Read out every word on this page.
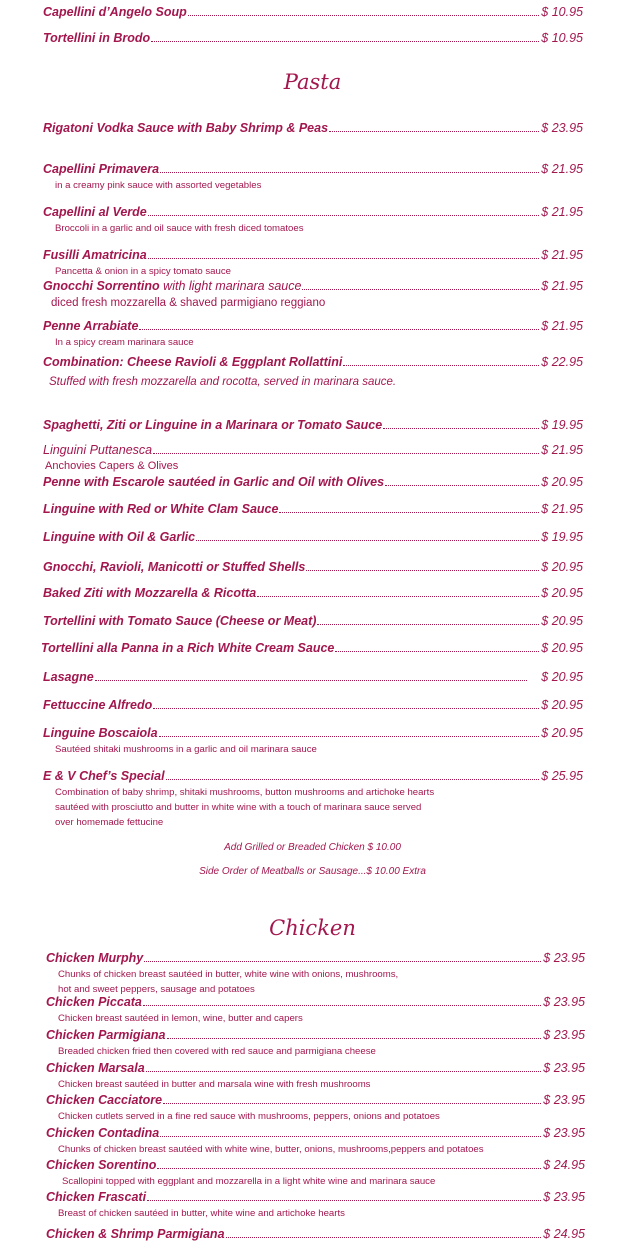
Capellini d’Angelo Soup	$ 10.95
Tortellini in Brodo	$ 10.95
Pasta
Rigatoni Vodka Sauce with Baby Shrimp & Peas	$ 23.95
Capellini Primavera	$ 21.95
in a creamy pink sauce with assorted vegetables
Capellini al Verde	$ 21.95
Broccoli in a garlic and oil sauce with fresh diced tomatoes
Fusilli Amatricina	$ 21.95
Pancetta & onion in a spicy tomato sauce
Gnocchi Sorrentino with light marinara sauce	$ 21.95
diced fresh mozzarella & shaved parmigiano reggiano
Penne Arrabiate	$ 21.95
In a spicy cream marinara sauce
Combination: Cheese Ravioli & Eggplant Rollattini	$ 22.95
Stuffed with fresh mozzarella and rocotta, served in marinara sauce.
Spaghetti, Ziti or Linguine in a Marinara or Tomato Sauce	$ 19.95
Linguini Puttanesca	$ 21.95
Anchovies Capers & Olives
Penne with Escarole sautéed in Garlic and Oil with Olives	$ 20.95
Linguine with Red or White Clam Sauce	$ 21.95
Linguine with Oil & Garlic	$ 19.95
Gnocchi, Ravioli, Manicotti or Stuffed Shells	$ 20.95
Baked Ziti with Mozzarella & Ricotta	$ 20.95
Tortellini with Tomato Sauce (Cheese or Meat)	$ 20.95
Tortellini alla Panna in a Rich White Cream Sauce	$ 20.95
Lasagne	$ 20.95
Fettuccine Alfredo	$ 20.95
Linguine Boscaiola	$ 20.95
Sautéed shitaki mushrooms in a garlic and oil marinara sauce
E & V Chef’s Special	$ 25.95
Combination of baby shrimp, shitaki mushrooms, button mushrooms and artichoke hearts
sautéed with prosciutto and butter in white wine with a touch of marinara sauce served
over homemade fettucine
Add Grilled or Breaded Chicken $ 10.00
Side Order of Meatballs or Sausage...$ 10.00 Extra
Chicken
Chicken Murphy	$ 23.95
Chunks of chicken breast sautéed in butter, white wine with onions, mushrooms,
hot and sweet peppers, sausage and potatoes
Chicken Piccata	$ 23.95
Chicken breast sautéed in lemon, wine, butter and capers
Chicken Parmigiana	$ 23.95
Breaded chicken fried then covered with red sauce and parmigiana cheese
Chicken Marsala	$ 23.95
Chicken breast sautéed in butter and marsala wine with fresh mushrooms
Chicken Cacciatore	$ 23.95
Chicken cutlets served in a fine red sauce with mushrooms, peppers, onions and potatoes
Chicken Contadina	$ 23.95
Chunks of chicken breast sautéed with white wine, butter, onions, mushrooms,peppers and potatoes
Chicken Sorentino	$ 24.95
Scallopini topped with eggplant and mozzarella in a light white wine and marinara sauce
Chicken Frascati	$ 23.95
Breast of chicken sautéed in butter, white wine and artichoke hearts
Chicken & Shrimp Parmigiana	$ 24.95
